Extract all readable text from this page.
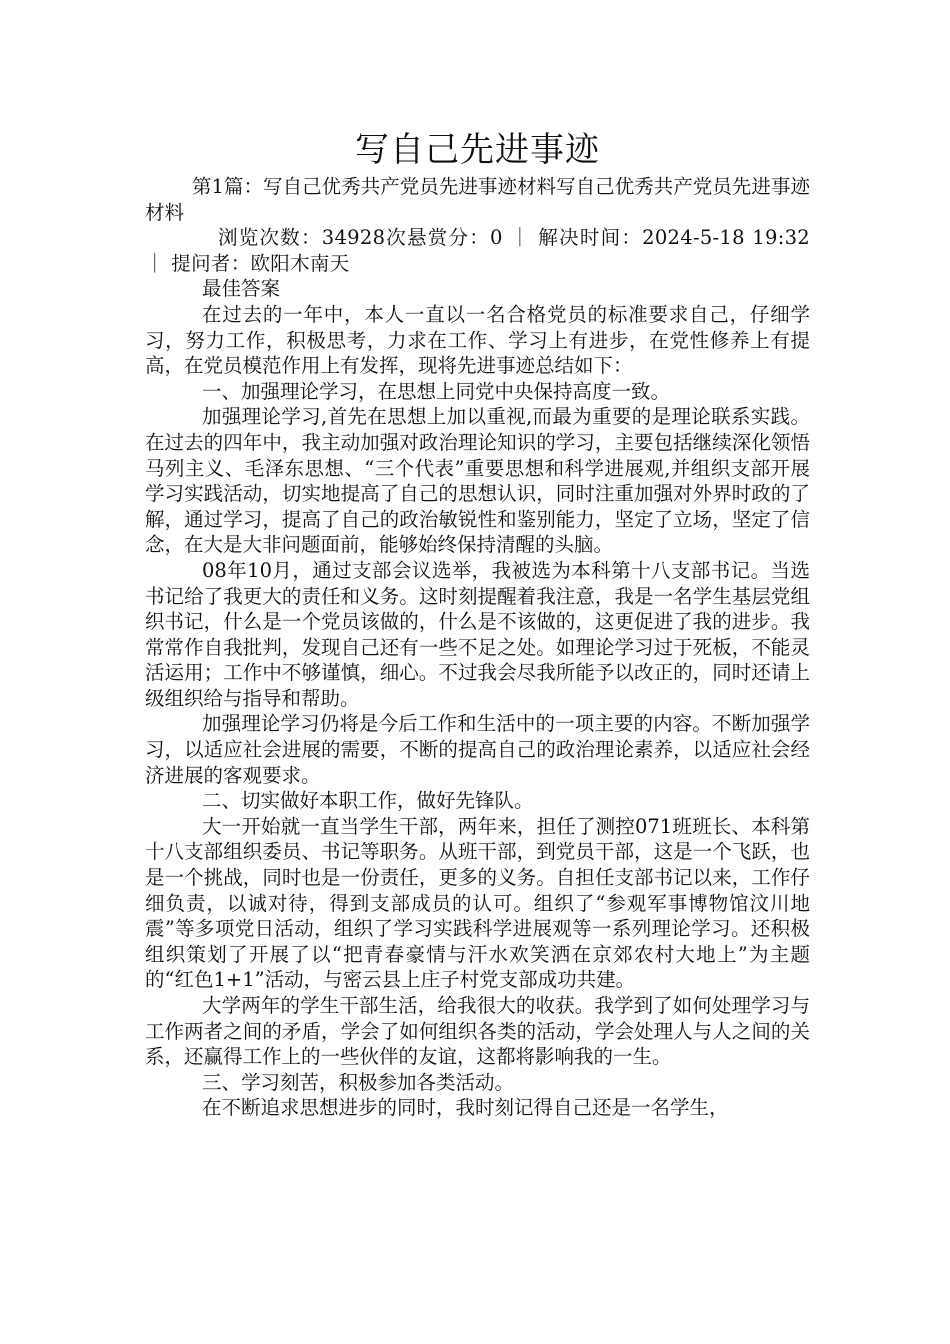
写自己先进事迹

第1篇：写自己优秀共产党员先进事迹材料写自己优秀共产党员先进事迹材料

浏览次数：34928次悬赏分：0 ｜ 解决时间：2024-5-18 19:32 ｜ 提问者：欧阳木南天

最佳答案

在过去的一年中，本人一直以一名合格党员的标准要求自己，仔细学习，努力工作，积极思考，力求在工作、学习上有进步，在党性修养上有提高，在党员模范作用上有发挥，现将先进事迹总结如下：

一、加强理论学习，在思想上同党中央保持高度一致。

加强理论学习,首先在思想上加以重视,而最为重要的是理论联系实践。在过去的四年中，我主动加强对政治理论知识的学习，主要包括继续深化领悟马列主义、毛泽东思想、“三个代表”重要思想和科学进展观,并组织支部开展学习实践活动，切实地提高了自己的思想认识，同时注重加强对外界时政的了解，通过学习，提高了自己的政治敏锐性和鉴别能力，坚定了立场，坚定了信念，在大是大非问题面前，能够始终保持清醒的头脑。

08年10月，通过支部会议选举，我被选为本科第十八支部书记。当选书记给了我更大的责任和义务。这时刻提醒着我注意，我是一名学生基层党组织书记，什么是一个党员该做的，什么是不该做的，这更促进了我的进步。我常常作自我批判，发现自己还有一些不足之处。如理论学习过于死板，不能灵活运用；工作中不够谨慎，细心。不过我会尽我所能予以改正的，同时还请上级组织给与指导和帮助。

加强理论学习仍将是今后工作和生活中的一项主要的内容。不断加强学习，以适应社会进展的需要，不断的提高自己的政治理论素养，以适应社会经济进展的客观要求。

二、切实做好本职工作，做好先锋队。

大一开始就一直当学生干部，两年来，担任了测控071班班长、本科第十八支部组织委员、书记等职务。从班干部，到党员干部，这是一个飞跃，也是一个挑战，同时也是一份责任，更多的义务。自担任支部书记以来，工作仔细负责，以诚对待，得到支部成员的认可。组织了“参观军事博物馆汶川地震”等多项党日活动，组织了学习实践科学进展观等一系列理论学习。还积极组织策划了开展了以“把青春豪情与汗水欢笑洒在京郊农村大地上”为主题的“红色1+1”活动，与密云县上庄子村党支部成功共建。

大学两年的学生干部生活，给我很大的收获。我学到了如何处理学习与工作两者之间的矛盾，学会了如何组织各类的活动，学会处理人与人之间的关系，还赢得工作上的一些伙伴的友谊，这都将影响我的一生。

三、学习刻苦，积极参加各类活动。

在不断追求思想进步的同时，我时刻记得自己还是一名学生，
